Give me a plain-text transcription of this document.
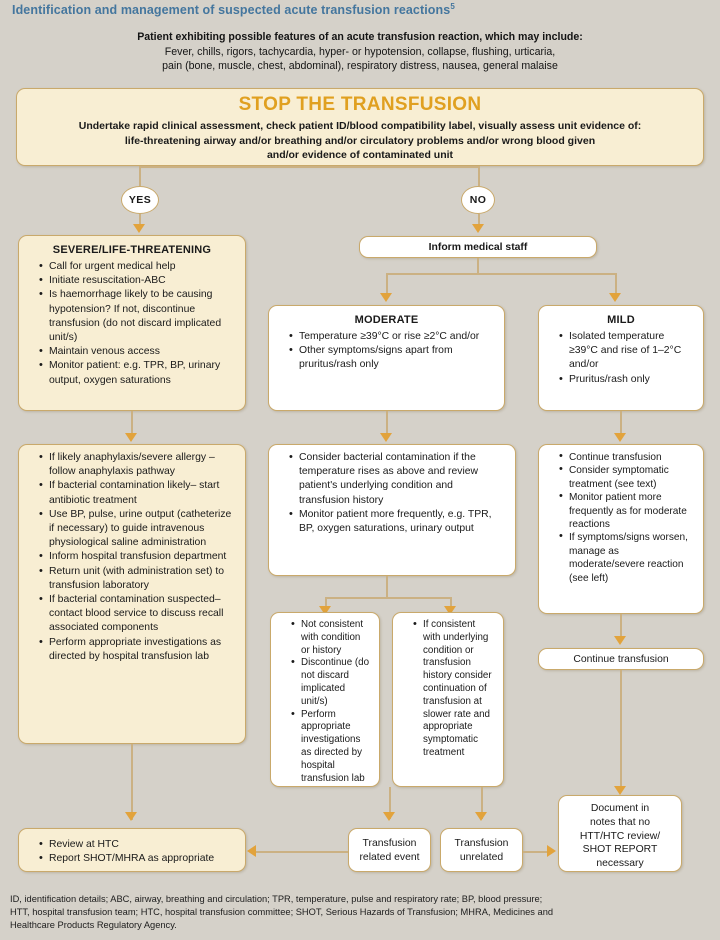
Identification and management of suspected acute transfusion reactions$^5$
Patient exhibiting possible features of an acute transfusion reaction, which may include:
Fever, chills, rigors, tachycardia, hyper- or hypotension, collapse, flushing, urticaria,
pain (bone, muscle, chest, abdominal), respiratory distress, nausea, general malaise
STOP THE TRANSFUSION
Undertake rapid clinical assessment, check patient ID/blood compatibility label, visually assess unit evidence of:
life-threatening airway and/or breathing and/or circulatory problems and/or wrong blood given
and/or evidence of contaminated unit
YES	NO
Inform medical staff
SEVERE/LIFE-THREATENING
• Call for urgent medical help
• Initiate resuscitation-ABC
• Is haemorrhage likely to be causing hypotension? If not, discontinue transfusion (do not discard implicated unit/s)
• Maintain venous access
• Monitor patient: e.g. TPR, BP, urinary output, oxygen saturations
MODERATE
• Temperature ≥39°C or rise ≥2°C and/or
• Other symptoms/signs apart from pruritus/rash only
MILD
• Isolated temperature ≥39°C and rise of 1–2°C and/or
• Pruritus/rash only
• If likely anaphylaxis/severe allergy – follow anaphylaxis pathway
• If bacterial contamination likely– start antibiotic treatment
• Use BP, pulse, urine output (catheterize if necessary) to guide intravenous physiological saline administration
• Inform hospital transfusion department
• Return unit (with administration set) to transfusion laboratory
• If bacterial contamination suspected–contact blood service to discuss recall associated components
• Perform appropriate investigations as directed by hospital transfusion lab
• Consider bacterial contamination if the temperature rises as above and review patient's underlying condition and transfusion history
• Monitor patient more frequently, e.g. TPR, BP, oxygen saturations, urinary output
• Continue transfusion
• Consider symptomatic treatment (see text)
• Monitor patient more frequently as for moderate reactions
• If symptoms/signs worsen, manage as moderate/severe reaction (see left)
• Not consistent with condition or history
• Discontinue (do not discard implicated unit/s)
• Perform appropriate investigations as directed by hospital transfusion lab
• If consistent with underlying condition or transfusion history consider continuation of transfusion at slower rate and appropriate symptomatic treatment
Continue transfusion
Transfusion
related event
Transfusion
unrelated
Document in
notes that no
HTT/HTC review/
SHOT REPORT
necessary
• Review at HTC
• Report SHOT/MHRA as appropriate
ID, identification details; ABC, airway, breathing and circulation; TPR, temperature, pulse and respiratory rate; BP, blood pressure;
HTT, hospital transfusion team; HTC, hospital transfusion committee; SHOT, Serious Hazards of Transfusion; MHRA, Medicines and
Healthcare Products Regulatory Agency.
